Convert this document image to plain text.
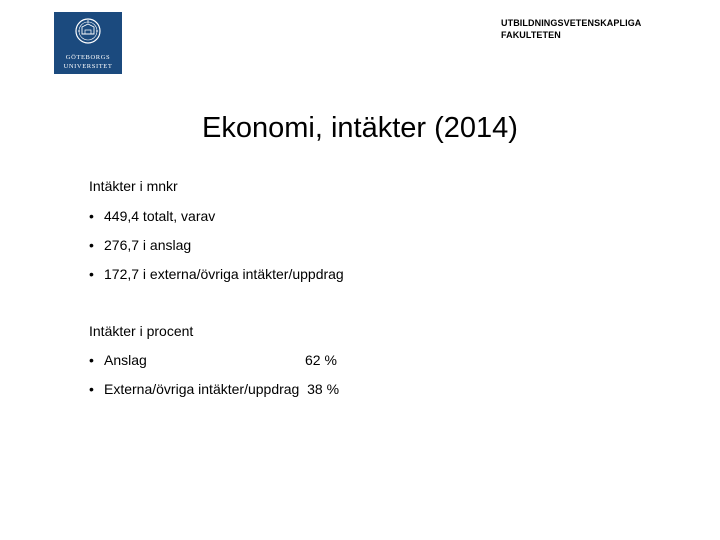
GÖTEBORGS
UNIVERSITET
UTBILDNINGSVETENSKAPLIGA
FAKULTETEN
Ekonomi, intäkter (2014)

Intäkter i mnkr

• 449,4 totalt, varav
• 276,7 i anslag
• 172,7 i externa/övriga intäkter/uppdrag

Intäkter i procent

• Anslag	62 %
• Externa/övriga intäkter/uppdrag 38 %
